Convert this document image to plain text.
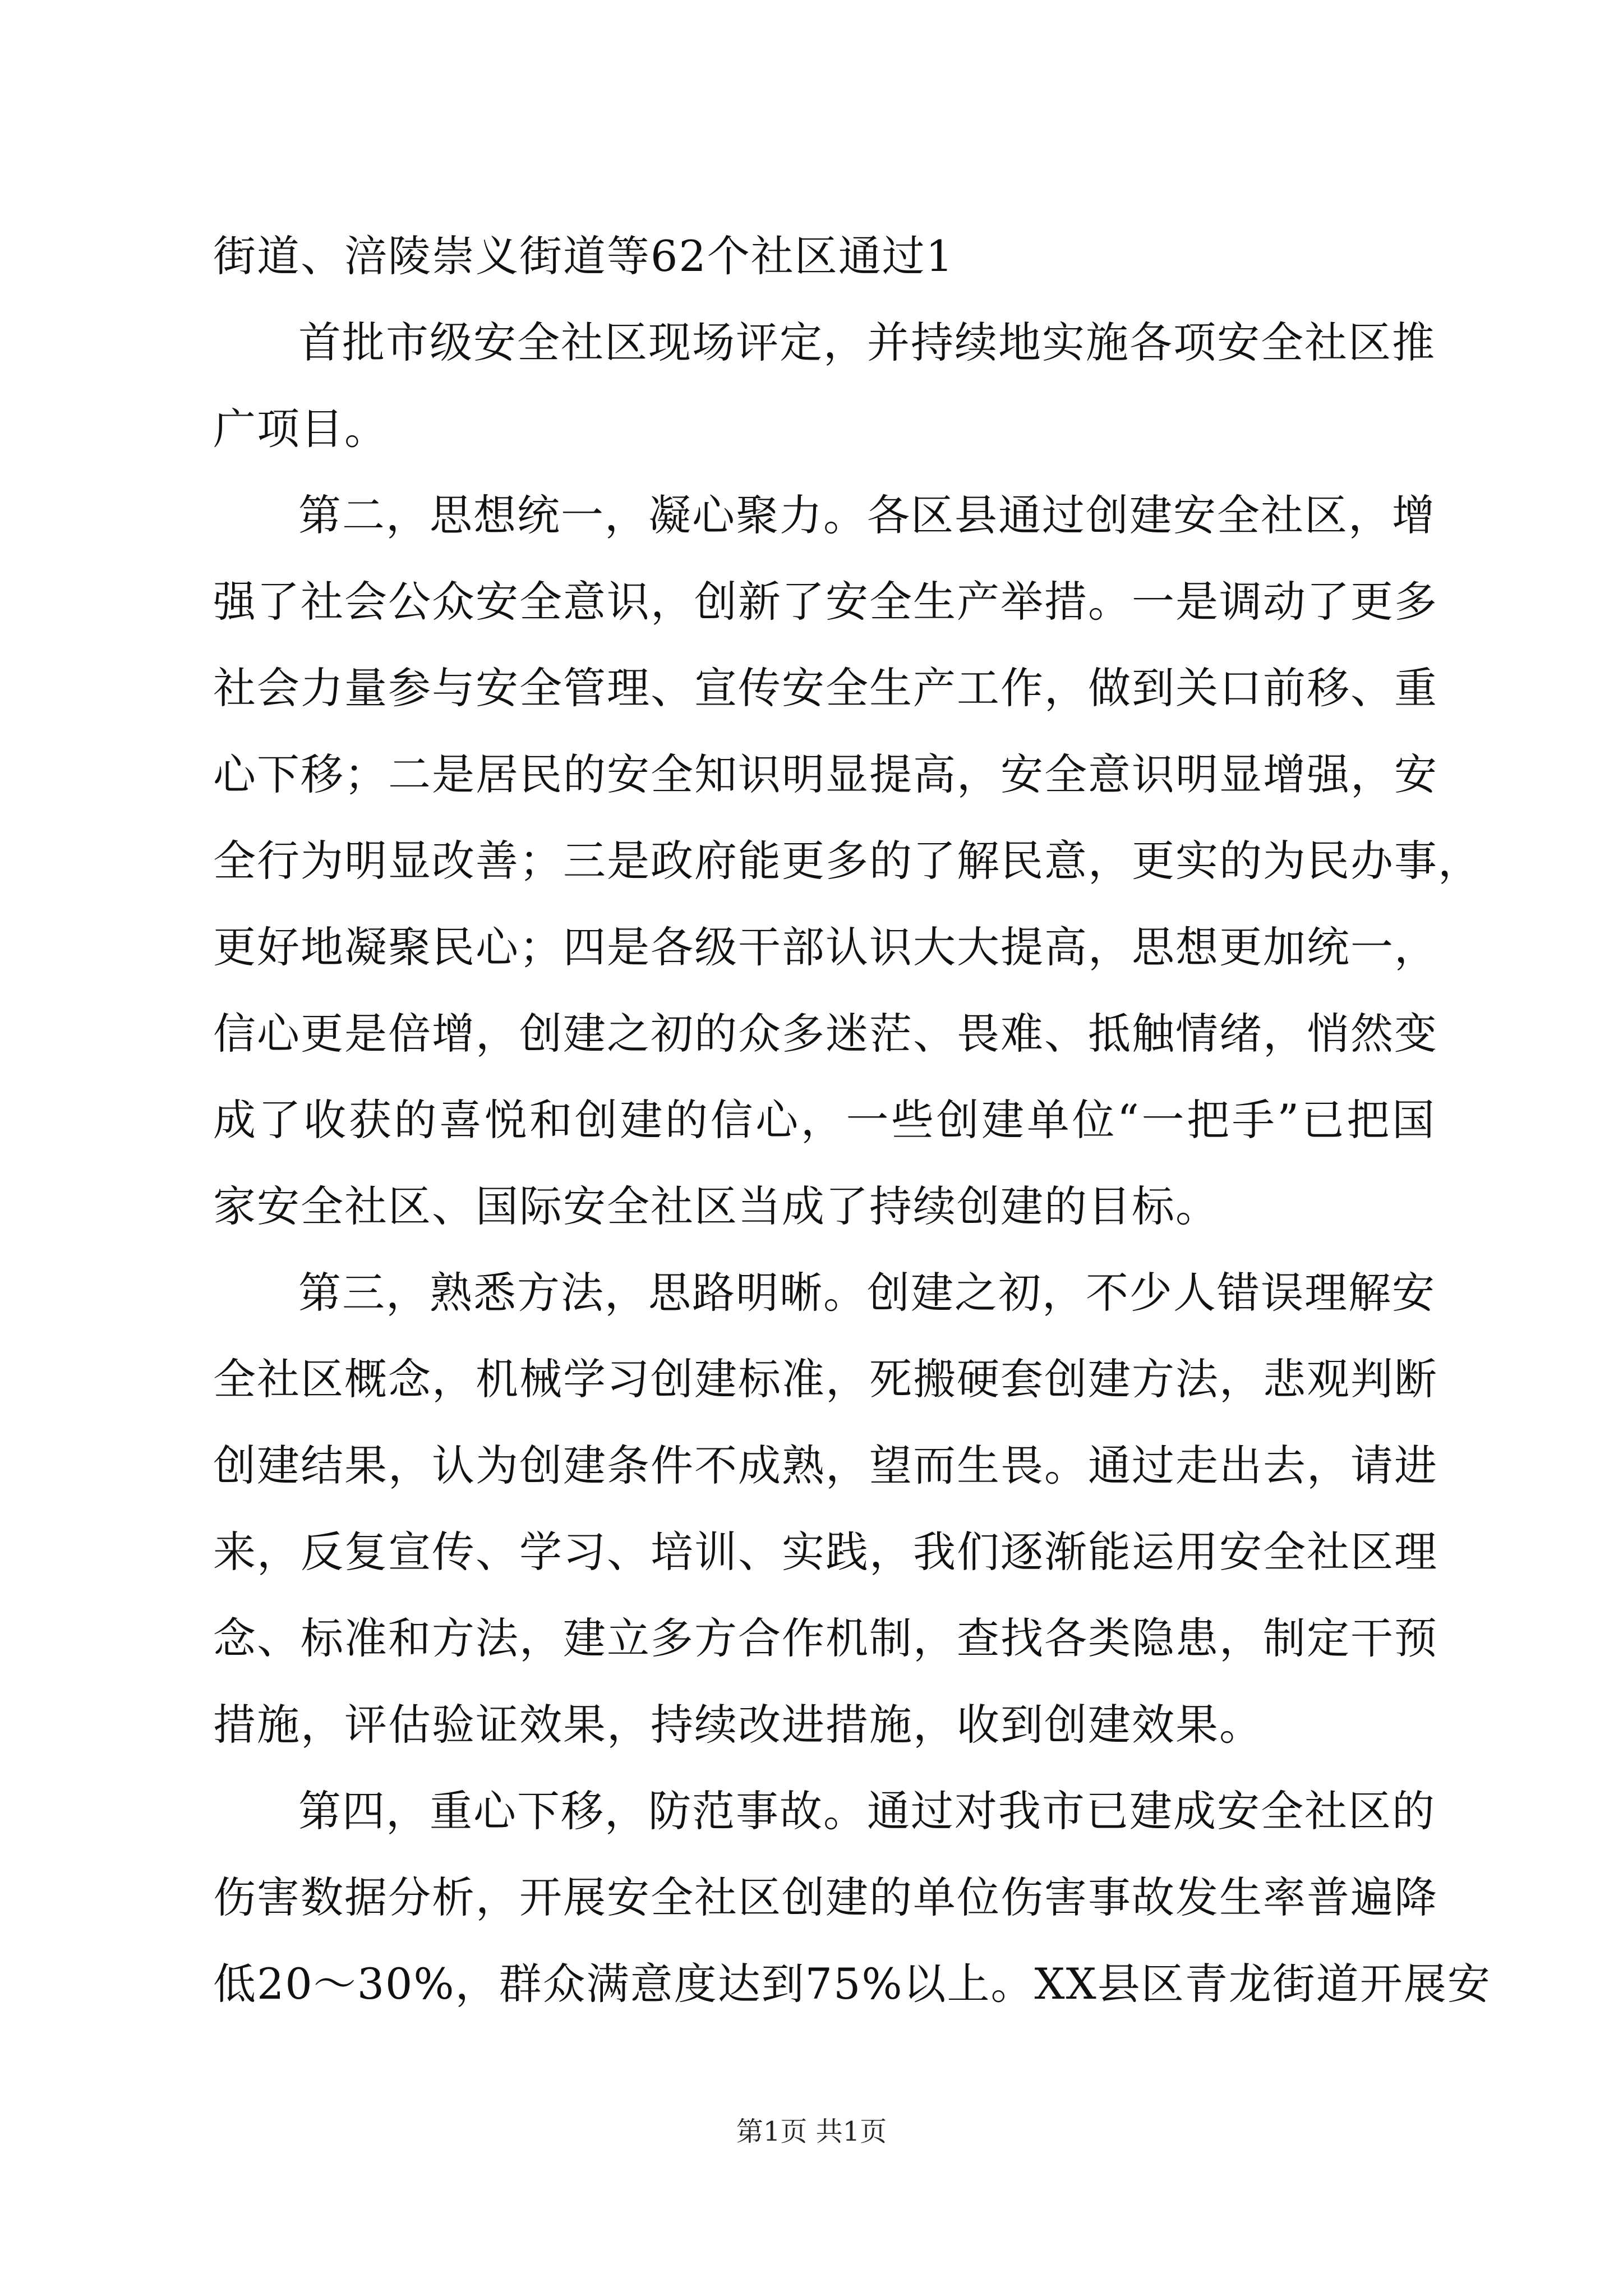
街道、涪陵崇义街道等62个社区通过1
首批市级安全社区现场评定，并持续地实施各项安全社区推
广项目。
第二，思想统一，凝心聚力。各区县通过创建安全社区，增
强了社会公众安全意识，创新了安全生产举措。一是调动了更多
社会力量参与安全管理、宣传安全生产工作，做到关口前移、重
心下移；二是居民的安全知识明显提高，安全意识明显增强，安
全行为明显改善；三是政府能更多的了解民意，更实的为民办事，
更好地凝聚民心；四是各级干部认识大大提高，思想更加统一，
信心更是倍增，创建之初的众多迷茫、畏难、抵触情绪，悄然变
成了收获的喜悦和创建的信心，一些创建单位“一把手”已把国
家安全社区、国际安全社区当成了持续创建的目标。
第三，熟悉方法，思路明晰。创建之初，不少人错误理解安
全社区概念，机械学习创建标准，死搬硬套创建方法，悲观判断
创建结果，认为创建条件不成熟，望而生畏。通过走出去，请进
来，反复宣传、学习、培训、实践，我们逐渐能运用安全社区理
念、标准和方法，建立多方合作机制，查找各类隐患，制定干预
措施，评估验证效果，持续改进措施，收到创建效果。
第四，重心下移，防范事故。通过对我市已建成安全社区的
伤害数据分析，开展安全社区创建的单位伤害事故发生率普遍降
低20～30%，群众满意度达到75%以上。XX县区青龙街道开展安
第1页 共1页
